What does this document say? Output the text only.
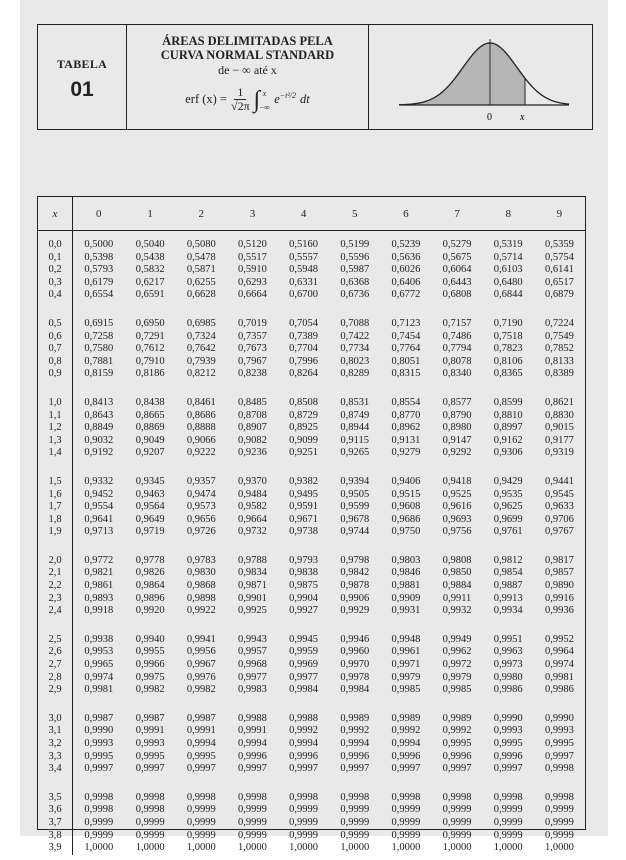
TABELA
01
ÁREAS DELIMITADAS PELA
CURVA NORMAL STANDARD
de − ∞ até x
erf $(x) = \frac{1}{√2\pi}$ ∫ x
−∞
$e^{-t^2/2}$ dt
0	x
x	0	1	2	3	4	5	6	7	8	9

0,0	0,5000	0,5040	0,5080	0,5120	0,5160	0,5199	0,5239	0,5279	0,5319	0,5359
0,1	0,5398	0,5438	0,5478	0,5517	0,5557	0,5596	0,5636	0,5675	0,5714	0,5754
0,2	0,5793	0,5832	0,5871	0,5910	0,5948	0,5987	0,6026	0,6064	0,6103	0,6141
0,3	0,6179	0,6217	0,6255	0,6293	0,6331	0,6368	0,6406	0,6443	0,6480	0,6517
0,4	0,6554	0,6591	0,6628	0,6664	0,6700	0,6736	0,6772	0,6808	0,6844	0,6879

0,5	0,6915	0,6950	0,6985	0,7019	0,7054	0,7088	0,7123	0,7157	0,7190	0,7224
0,6	0,7258	0,7291	0,7324	0,7357	0,7389	0,7422	0,7454	0,7486	0,7518	0,7549
0,7	0,7580	0,7612	0,7642	0,7673	0,7704	0,7734	0,7764	0,7794	0,7823	0,7852
0,8	0,7881	0,7910	0,7939	0,7967	0,7996	0,8023	0,8051	0,8078	0,8106	0,8133
0,9	0,8159	0,8186	0,8212	0,8238	0,8264	0,8289	0,8315	0,8340	0,8365	0,8389

1,0	0,8413	0,8438	0,8461	0,8485	0,8508	0,8531	0,8554	0,8577	0,8599	0,8621
1,1	0,8643	0,8665	0,8686	0,8708	0,8729	0,8749	0,8770	0,8790	0,8810	0,8830
1,2	0,8849	0,8869	0,8888	0,8907	0,8925	0,8944	0,8962	0,8980	0,8997	0,9015
1,3	0,9032	0,9049	0,9066	0,9082	0,9099	0,9115	0,9131	0,9147	0,9162	0,9177
1,4	0,9192	0,9207	0,9222	0,9236	0,9251	0,9265	0,9279	0,9292	0,9306	0,9319

1,5	0,9332	0,9345	0,9357	0,9370	0,9382	0,9394	0,9406	0,9418	0,9429	0,9441
1,6	0,9452	0,9463	0,9474	0,9484	0,9495	0,9505	0,9515	0,9525	0,9535	0,9545
1,7	0,9554	0,9564	0,9573	0,9582	0,9591	0,9599	0,9608	0,9616	0,9625	0,9633
1,8	0,9641	0,9649	0,9656	0,9664	0,9671	0,9678	0,9686	0,9693	0,9699	0,9706
1,9	0,9713	0,9719	0,9726	0,9732	0,9738	0,9744	0,9750	0,9756	0,9761	0,9767

2,0	0,9772	0,9778	0,9783	0,9788	0,9793	0,9798	0,9803	0,9808	0,9812	0,9817
2,1	0,9821	0,9826	0,9830	0,9834	0,9838	0,9842	0,9846	0,9850	0,9854	0,9857
2,2	0,9861	0,9864	0,9868	0,9871	0,9875	0,9878	0,9881	0,9884	0,9887	0,9890
2,3	0,9893	0,9896	0,9898	0,9901	0,9904	0,9906	0,9909	0,9911	0,9913	0,9916
2,4	0,9918	0,9920	0,9922	0,9925	0,9927	0,9929	0,9931	0,9932	0,9934	0,9936

2,5	0,9938	0,9940	0,9941	0,9943	0,9945	0,9946	0,9948	0,9949	0,9951	0,9952
2,6	0,9953	0,9955	0,9956	0,9957	0,9959	0,9960	0,9961	0,9962	0,9963	0,9964
2,7	0,9965	0,9966	0,9967	0,9968	0,9969	0,9970	0,9971	0,9972	0,9973	0,9974
2,8	0,9974	0,9975	0,9976	0,9977	0,9977	0,9978	0,9979	0,9979	0,9980	0,9981
2,9	0,9981	0,9982	0,9982	0,9983	0,9984	0,9984	0,9985	0,9985	0,9986	0,9986

3,0	0,9987	0,9987	0,9987	0,9988	0,9988	0,9989	0,9989	0,9989	0,9990	0,9990
3,1	0,9990	0,9991	0,9991	0,9991	0,9992	0,9992	0,9992	0,9992	0,9993	0,9993
3,2	0,9993	0,9993	0,9994	0,9994	0,9994	0,9994	0,9994	0,9995	0,9995	0,9995
3,3	0,9995	0,9995	0,9995	0,9996	0,9996	0,9996	0,9996	0,9996	0,9996	0,9997
3,4	0,9997	0,9997	0,9997	0,9997	0,9997	0,9997	0,9997	0,9997	0,9997	0,9998

3,5	0,9998	0,9998	0,9998	0,9998	0,9998	0,9998	0,9998	0,9998	0,9998	0,9998
3,6	0,9998	0,9998	0,9999	0,9999	0,9999	0,9999	0,9999	0,9999	0,9999	0,9999
3,7	0,9999	0,9999	0,9999	0,9999	0,9999	0,9999	0,9999	0,9999	0,9999	0,9999
3,8	0,9999	0,9999	0,9999	0,9999	0,9999	0,9999	0,9999	0,9999	0,9999	0,9999
3,9	1,0000	1,0000	1,0000	1,0000	1,0000	1,0000	1,0000	1,0000	1,0000	1,0000
